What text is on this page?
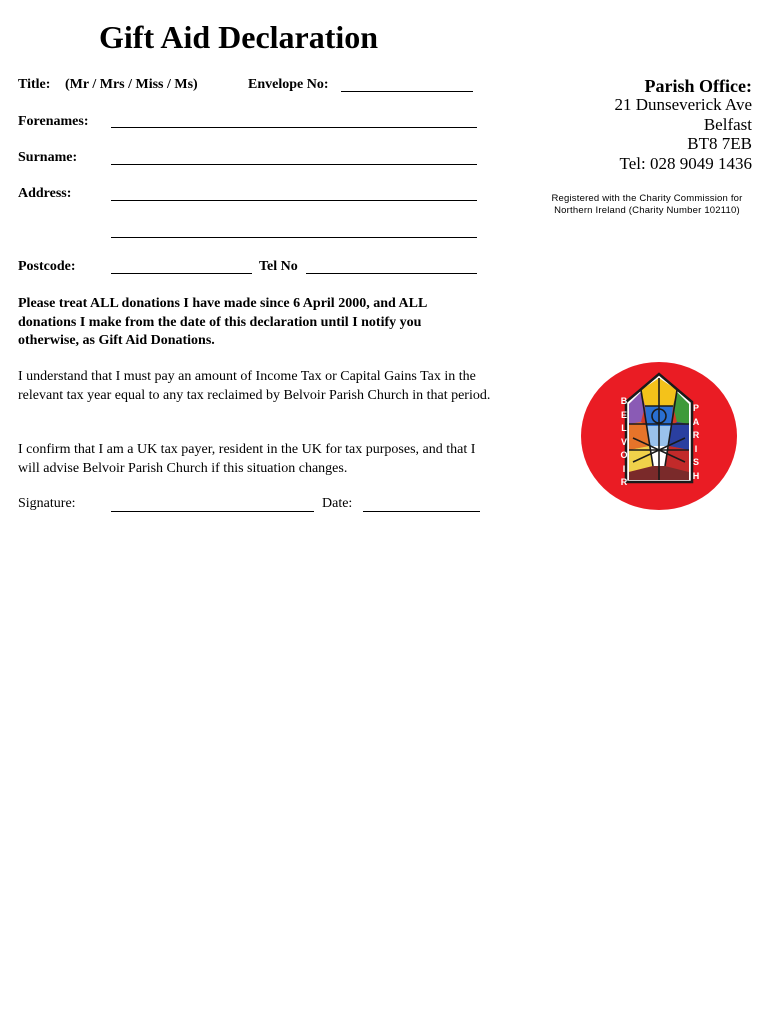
Gift Aid Declaration
Title: (Mr / Mrs / Miss / Ms)	Envelope No:
Forenames:
Surname:
Address:
Postcode:	Tel No
Please treat ALL donations I have made since 6 April 2000, and ALL donations I make from the date of this declaration until I notify you otherwise, as Gift Aid Donations.
I understand that I must pay an amount of Income Tax or Capital Gains Tax in the relevant tax year equal to any tax reclaimed by Belvoir Parish Church in that period.
I confirm that I am a UK tax payer, resident in the UK for tax purposes, and that I will advise Belvoir Parish Church if this situation changes.
Signature:	Date:
Parish Office:
21 Dunseverick Ave
Belfast
BT8 7EB
Tel: 028 9049 1436
Registered with the Charity Commission for
Northern Ireland (Charity Number 102110)
B
E
L
V
O
I
R
P
A
R
I
S
H
